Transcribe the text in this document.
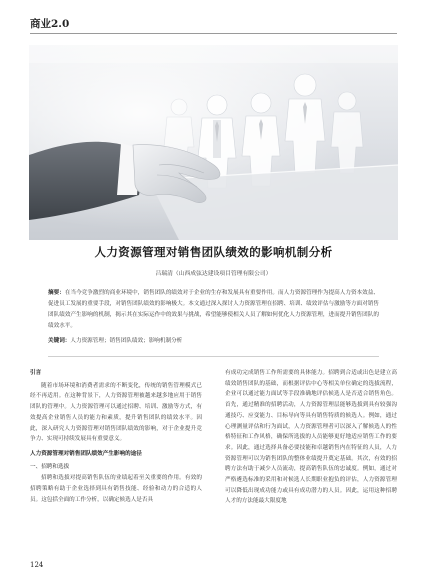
商业2.0
人力资源管理对销售团队绩效的影响机制分析
吕瑞清（山西成弦达建设项目管理有限公司）
摘要：在当今竞争激烈的商业环境中，销售团队的绩效对于企业的生存和发展具有重要作用。而人力资源管理作为提高人力资本效益、促进员工发展的重要手段，对销售团队绩效的影响极大。本文通过深入探讨人力资源管理在招聘、培训、绩效评估与激励等方面对销售团队绩效产生影响的机制，揭示其在实际运作中的效果与挑战，希望能够使相关人员了解如何优化人力资源管理，进而提升销售团队的绩效水平。
关键词：人力资源管理；销售团队绩效；影响机制分析
引言

随着市场环境和消费者需求的不断变化，传统的销售管理模式已经不再适用。在这种背景下，人力资源管理被越来越多地应用于销售团队的管理中。人力资源管理可以通过招聘、培训、激励等方式，有效提高企业销售人员的能力和素质，提升销售团队的绩效水平。因此，深入研究人力资源管理对销售团队绩效的影响，对于企业提升竞争力、实现可持续发展具有重要意义。

人力资源管理对销售团队绩效产生影响的途径
一、招聘和选拔

招聘和选拔对提高销售队伍的业绩起着至关重要的作用。有效的招聘策略有助于企业选择到具有销售技能、经验和动力的合适的人员。这包括全面的工作分析，以确定候选人是否具

有成功完成销售工作所需要的具体能力。招聘到合适或出色是建立高绩效销售团队的基础，而根据评估中心等相关单位确定的选拔流程，企业可以通过能力面试等手段准确地评估候选人是否适合销售角色。首先，通过精准的招聘活动，人力资源管理层能够选拔到具有较强沟通技巧、应变能力、目标导向等具有销售特质的候选人。例如，通过心理测量评估和行为面试，人力资源管理者可以深入了解候选人的性格特征和工作风格，确保所选拔的人员能够更好地适应销售工作的要求。因此，通过选择具备必要技能和卓越销售内在特征的人员，人力资源管理可以为销售团队的整体业绩提升奠定基础。其次，有效的招聘方法有助于减少人员流动，提高销售队伍的忠诚度。例如，通过对严格遴选标准的采用和对候选人长期职业抱负的评估，人力资源管理可以降低出现成功能力或具有成功潜力的人员。因此，运用这种招聘人才的方法能最大限度地

124
